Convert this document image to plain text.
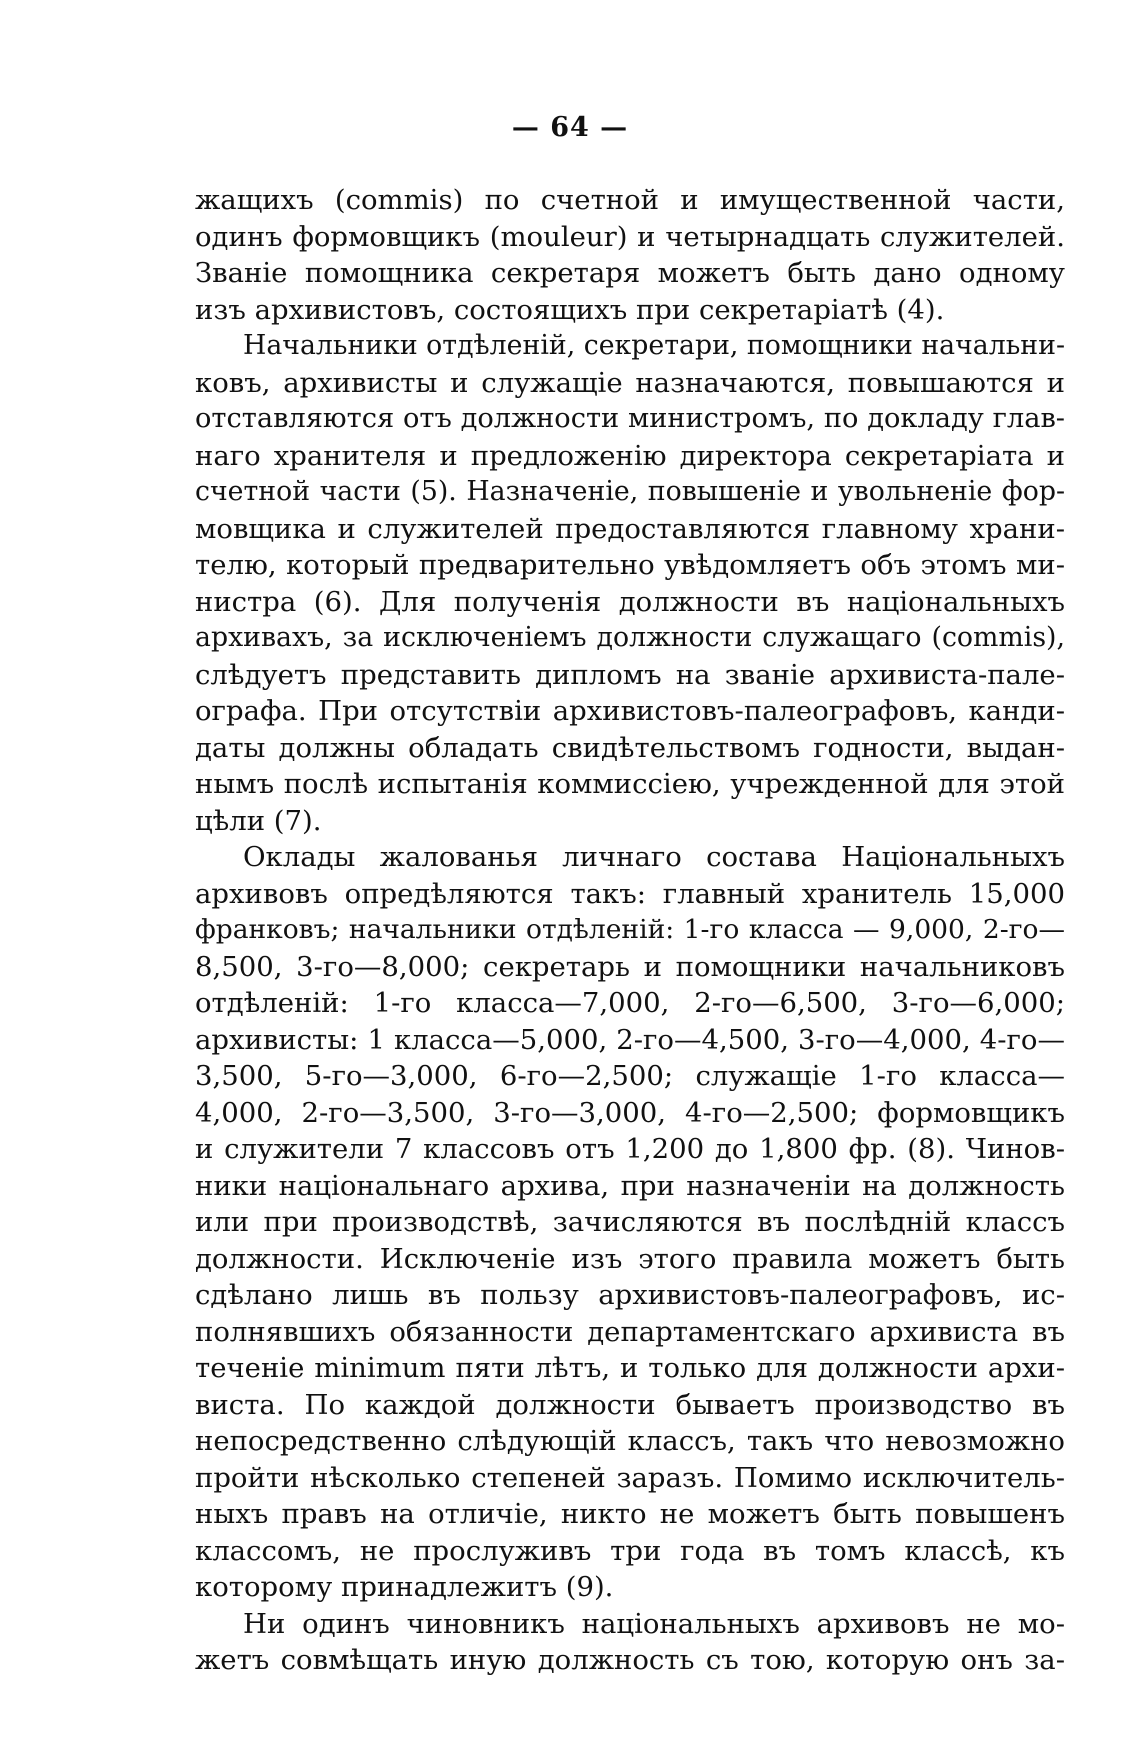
— 64 —
жащихъ (commis) по счетной и имущественной части,
одинъ формовщикъ (mouleur) и четырнадцать служителей.
Званіе помощника секретаря можетъ быть дано одному
изъ архивистовъ, состоящихъ при секретаріатѣ (4).
Начальники отдѣленій, секретари, помощники начальни-
ковъ, архивисты и служащіе назначаются, повышаются и
отставляются отъ должности министромъ, по докладу глав-
наго хранителя и предложенію директора секретаріата и
счетной части (5). Назначеніе, повышеніе и увольненіе фор-
мовщика и служителей предоставляются главному храни-
телю, который предварительно увѣдомляетъ объ этомъ ми-
нистра (6). Для полученія должности въ національныхъ
архивахъ, за исключеніемъ должности служащаго (commis),
слѣдуетъ представить дипломъ на званіе архивиста-пале-
ографа. При отсутствіи архивистовъ-палеографовъ, канди-
даты должны обладать свидѣтельствомъ годности, выдан-
нымъ послѣ испытанія коммиссіею, учрежденной для этой
цѣли (7).
Оклады жалованья личнаго состава Національныхъ
архивовъ опредѣляются такъ: главный хранитель 15,000
франковъ; начальники отдѣленій: 1-го класса — 9,000, 2-го—
8,500, 3-го—8,000; секретарь и помощники начальниковъ
отдѣленій: 1-го класса—7,000, 2-го—6,500, 3-го—6,000;
архивисты: 1 класса—5,000, 2-го—4,500, 3-го—4,000, 4-го—
3,500, 5-го—3,000, 6-го—2,500; служащіе 1-го класса—
4,000, 2-го—3,500, 3-го—3,000, 4-го—2,500; формовщикъ
и служители 7 классовъ отъ 1,200 до 1,800 фр. (8). Чинов-
ники національнаго архива, при назначеніи на должность
или при производствѣ, зачисляются въ послѣдній классъ
должности. Исключеніе изъ этого правила можетъ быть
сдѣлано лишь въ пользу архивистовъ-палеографовъ, ис-
полнявшихъ обязанности департаментскаго архивиста въ
теченіе minimum пяти лѣтъ, и только для должности архи-
виста. По каждой должности бываетъ производство въ
непосредственно слѣдующій классъ, такъ что невозможно
пройти нѣсколько степеней заразъ. Помимо исключитель-
ныхъ правъ на отличіе, никто не можетъ быть повышенъ
классомъ, не прослуживъ три года въ томъ классѣ, къ
которому принадлежитъ (9).
Ни одинъ чиновникъ національныхъ архивовъ не мо-
жетъ совмѣщать иную должность съ тою, которую онъ за-
